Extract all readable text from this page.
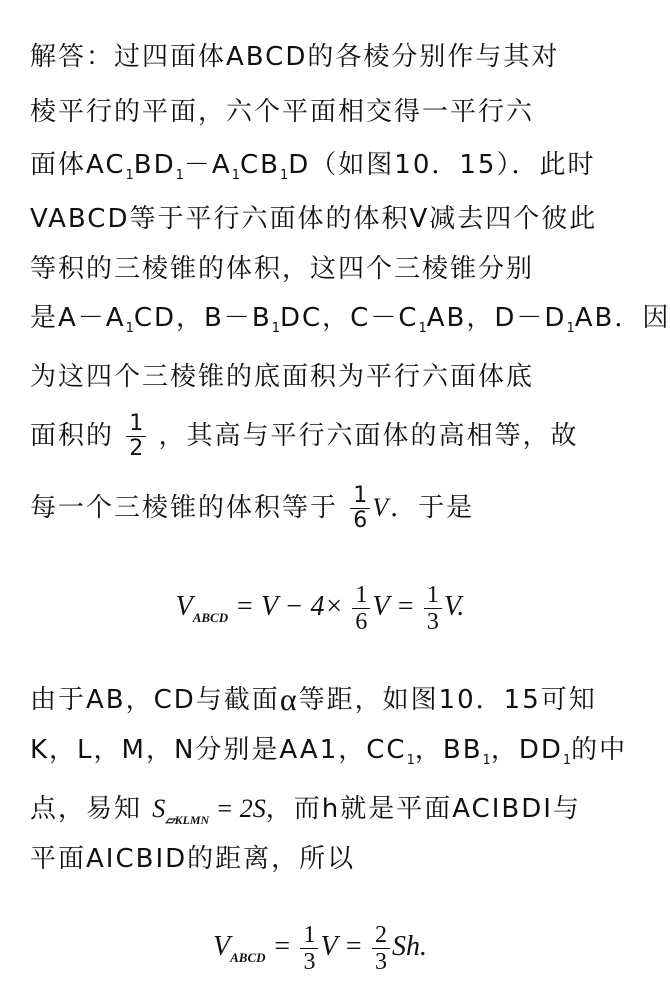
解答：过四面体ABCD的各棱分别作与其对
棱平行的平面，六个平面相交得一平行六
面体$AC_1BD_1-A_1CB_1D$（如图10．15）．此时
VABCD等于平行六面体的体积V减去四个彼此
等积的三棱锥的体积，这四个三棱锥分别
是$A-A_1CD$，$B-B_1DC$，$C-C_1AB$，$D-D_1AB$．因
为这四个三棱锥的底面积为平行六面体底
面积的 $\frac{1}{2}$ ，其高与平行六面体的高相等，故
每一个三棱锥的体积等于 $\frac{1}{6}$ V．于是
$V_{ABCD} = V - 4\times \frac{1}{6}$ $V = \frac{1}{3} V$.
由于AB，CD与截面α等距，如图10．15可知
K，L，M，N分别是AA1，$CC_1$，$BB_1$，$DD_1$的中
点，易知 $S_{▱KLMN} = 2S$，而h就是平面ACIBDI与
平面AICBID的距离，所以
$V_{ABCD} = \frac{1}{3}$ $V = \frac{2}{3} Sh$.
